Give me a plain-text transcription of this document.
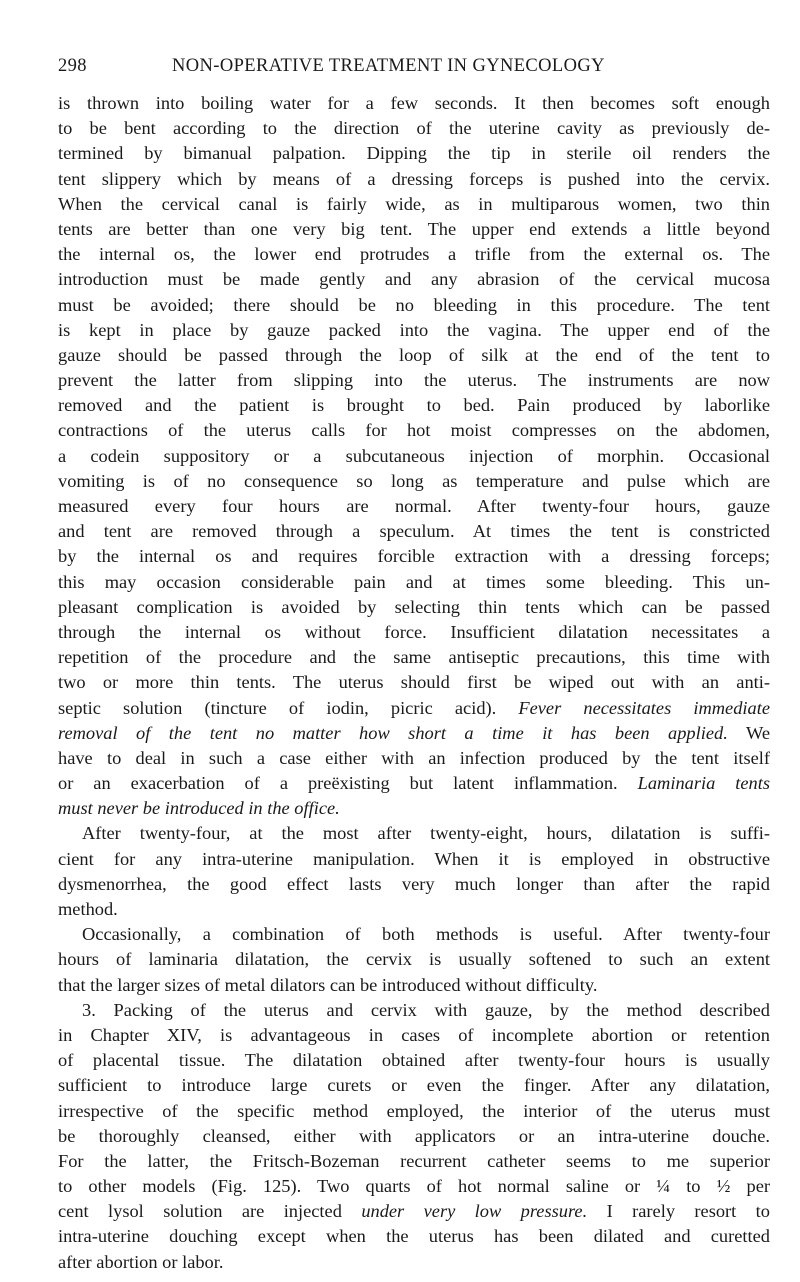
298	NON-OPERATIVE TREATMENT IN GYNECOLOGY
is thrown into boiling water for a few seconds. It then becomes soft enough
to be bent according to the direction of the uterine cavity as previously de-
termined by bimanual palpation. Dipping the tip in sterile oil renders the
tent slippery which by means of a dressing forceps is pushed into the cervix.
When the cervical canal is fairly wide, as in multiparous women, two thin
tents are better than one very big tent. The upper end extends a little beyond
the internal os, the lower end protrudes a trifle from the external os. The
introduction must be made gently and any abrasion of the cervical mucosa
must be avoided; there should be no bleeding in this procedure. The tent
is kept in place by gauze packed into the vagina. The upper end of the
gauze should be passed through the loop of silk at the end of the tent to
prevent the latter from slipping into the uterus. The instruments are now
removed and the patient is brought to bed. Pain produced by laborlike
contractions of the uterus calls for hot moist compresses on the abdomen,
a codein suppository or a subcutaneous injection of morphin. Occasional
vomiting is of no consequence so long as temperature and pulse which are
measured every four hours are normal. After twenty-four hours, gauze
and tent are removed through a speculum. At times the tent is constricted
by the internal os and requires forcible extraction with a dressing forceps;
this may occasion considerable pain and at times some bleeding. This un-
pleasant complication is avoided by selecting thin tents which can be passed
through the internal os without force. Insufficient dilatation necessitates a
repetition of the procedure and the same antiseptic precautions, this time with
two or more thin tents. The uterus should first be wiped out with an anti-
septic solution (tincture of iodin, picric acid). Fever necessitates immediate
removal of the tent no matter how short a time it has been applied. We
have to deal in such a case either with an infection produced by the tent itself
or an exacerbation of a preëxisting but latent inflammation. Laminaria tents
must never be introduced in the office.
After twenty-four, at the most after twenty-eight, hours, dilatation is suffi-
cient for any intra-uterine manipulation. When it is employed in obstructive
dysmenorrhea, the good effect lasts very much longer than after the rapid
method.
Occasionally, a combination of both methods is useful. After twenty-four
hours of laminaria dilatation, the cervix is usually softened to such an extent
that the larger sizes of metal dilators can be introduced without difficulty.
3. Packing of the uterus and cervix with gauze, by the method described
in Chapter XIV, is advantageous in cases of incomplete abortion or retention
of placental tissue. The dilatation obtained after twenty-four hours is usually
sufficient to introduce large curets or even the finger. After any dilatation,
irrespective of the specific method employed, the interior of the uterus must
be thoroughly cleansed, either with applicators or an intra-uterine douche.
For the latter, the Fritsch-Bozeman recurrent catheter seems to me superior
to other models (Fig. 125). Two quarts of hot normal saline or ¼ to ½ per
cent lysol solution are injected under very low pressure. I rarely resort to
intra-uterine douching except when the uterus has been dilated and curetted
after abortion or labor.
